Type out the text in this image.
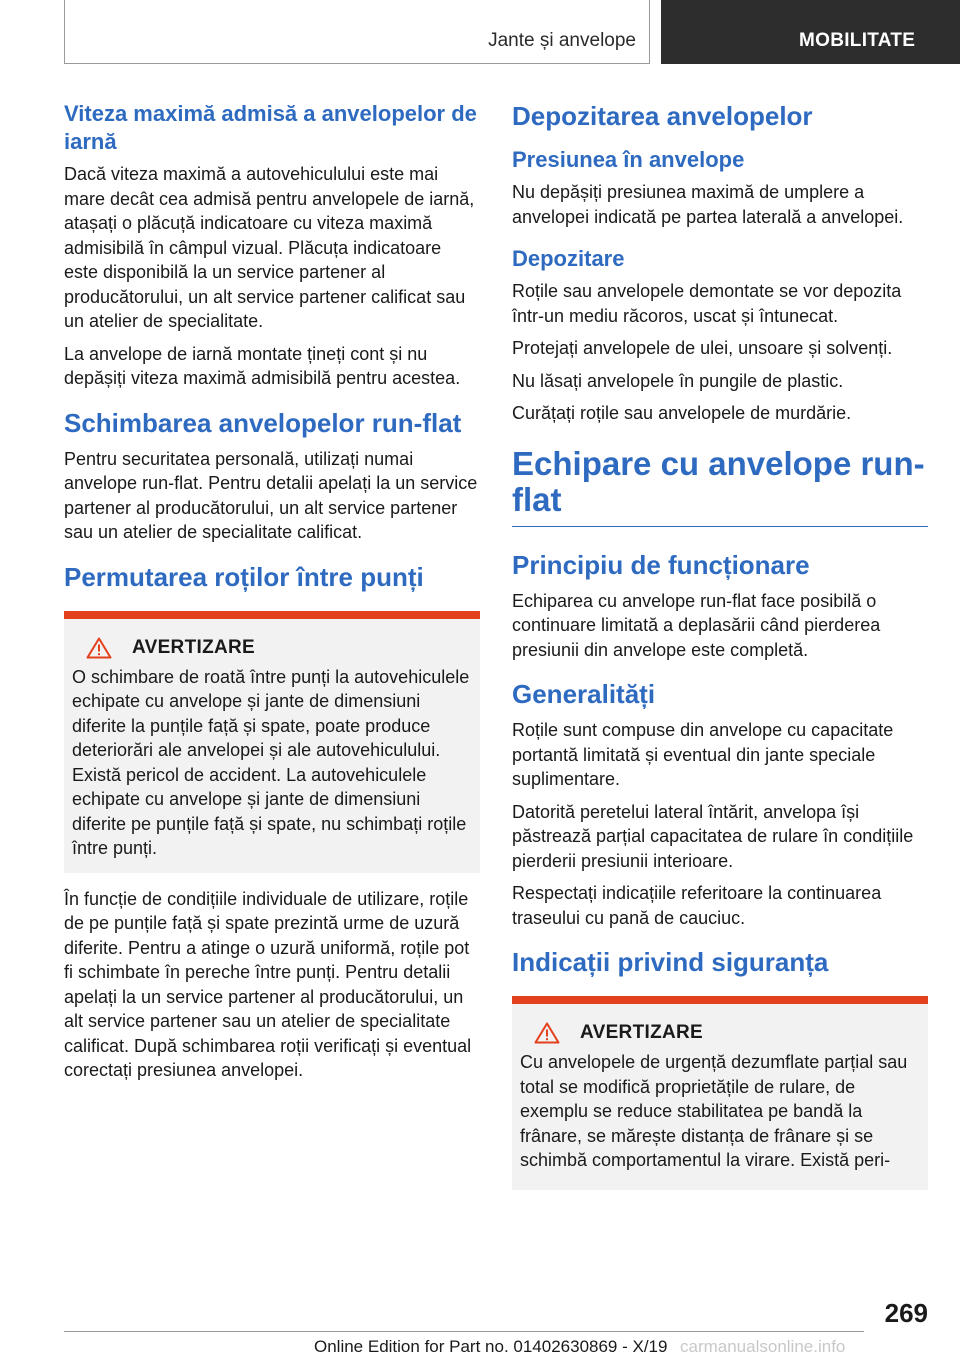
Jante și anvelope	MOBILITATE
Viteza maximă admisă a anvelopelor de iarnă

Dacă viteza maximă a autovehiculului este mai mare decât cea admisă pentru anvelopele de iarnă, atașați o plăcuță indicatoare cu viteza maximă admisibilă în câmpul vizual. Plăcuța indicatoare este disponibilă la un service partener al producătorului, un alt service partener calificat sau un atelier de specialitate.

La anvelope de iarnă montate țineți cont și nu depășiți viteza maximă admisibilă pentru acestea.

Schimbarea anvelopelor run-flat

Pentru securitatea personală, utilizați numai anvelope run-flat. Pentru detalii apelați la un service partener al producătorului, un alt service partener sau un atelier de specialitate calificat.

Permutarea roților între punți
AVERTIZARE

O schimbare de roată între punți la autovehiculele echipate cu anvelope și jante de dimensiuni diferite la punțile față și spate, poate produce deteriorări ale anvelopei și ale autovehiculului. Există pericol de accident. La autovehiculele echipate cu anvelope și jante de dimensiuni diferite pe punțile față și spate, nu schimbați roțile între punți.

În funcție de condițiile individuale de utilizare, roțile de pe punțile față și spate prezintă urme de uzură diferite. Pentru a atinge o uzură uniformă, roțile pot fi schimbate în pereche între punți. Pentru detalii apelați la un service partener al producătorului, un alt service partener sau un atelier de specialitate calificat. După schimbarea roții verificați și eventual corectați presiunea anvelopei.

Depozitarea anvelopelor
Presiunea în anvelope

Nu depășiți presiunea maximă de umplere a anvelopei indicată pe partea laterală a anvelopei.

Depozitare

Roțile sau anvelopele demontate se vor depozita într-un mediu răcoros, uscat și întunecat.

Protejați anvelopele de ulei, unsoare și solvenți.

Nu lăsați anvelopele în pungile de plastic.

Curățați roțile sau anvelopele de murdărie.

Echipare cu anvelope run-flat
Principiu de funcționare

Echiparea cu anvelope run-flat face posibilă o continuare limitată a deplasării când pierderea presiunii din anvelope este completă.

Generalități

Roțile sunt compuse din anvelope cu capacitate portantă limitată și eventual din jante speciale suplimentare.

Datorită peretelui lateral întărit, anvelopa își păstrează parțial capacitatea de rulare în condițiile pierderii presiunii interioare.

Respectați indicațiile referitoare la continuarea traseului cu pană de cauciuc.

Indicații privind siguranța
AVERTIZARE

Cu anvelopele de urgență dezumflate parțial sau total se modifică proprietățile de rulare, de exemplu se reduce stabilitatea pe bandă la frânare, se mărește distanța de frânare și se schimbă comportamentul la virare. Există peri-

269
Online Edition for Part no. 01402630869 - X/19 carmanualsonline.info
